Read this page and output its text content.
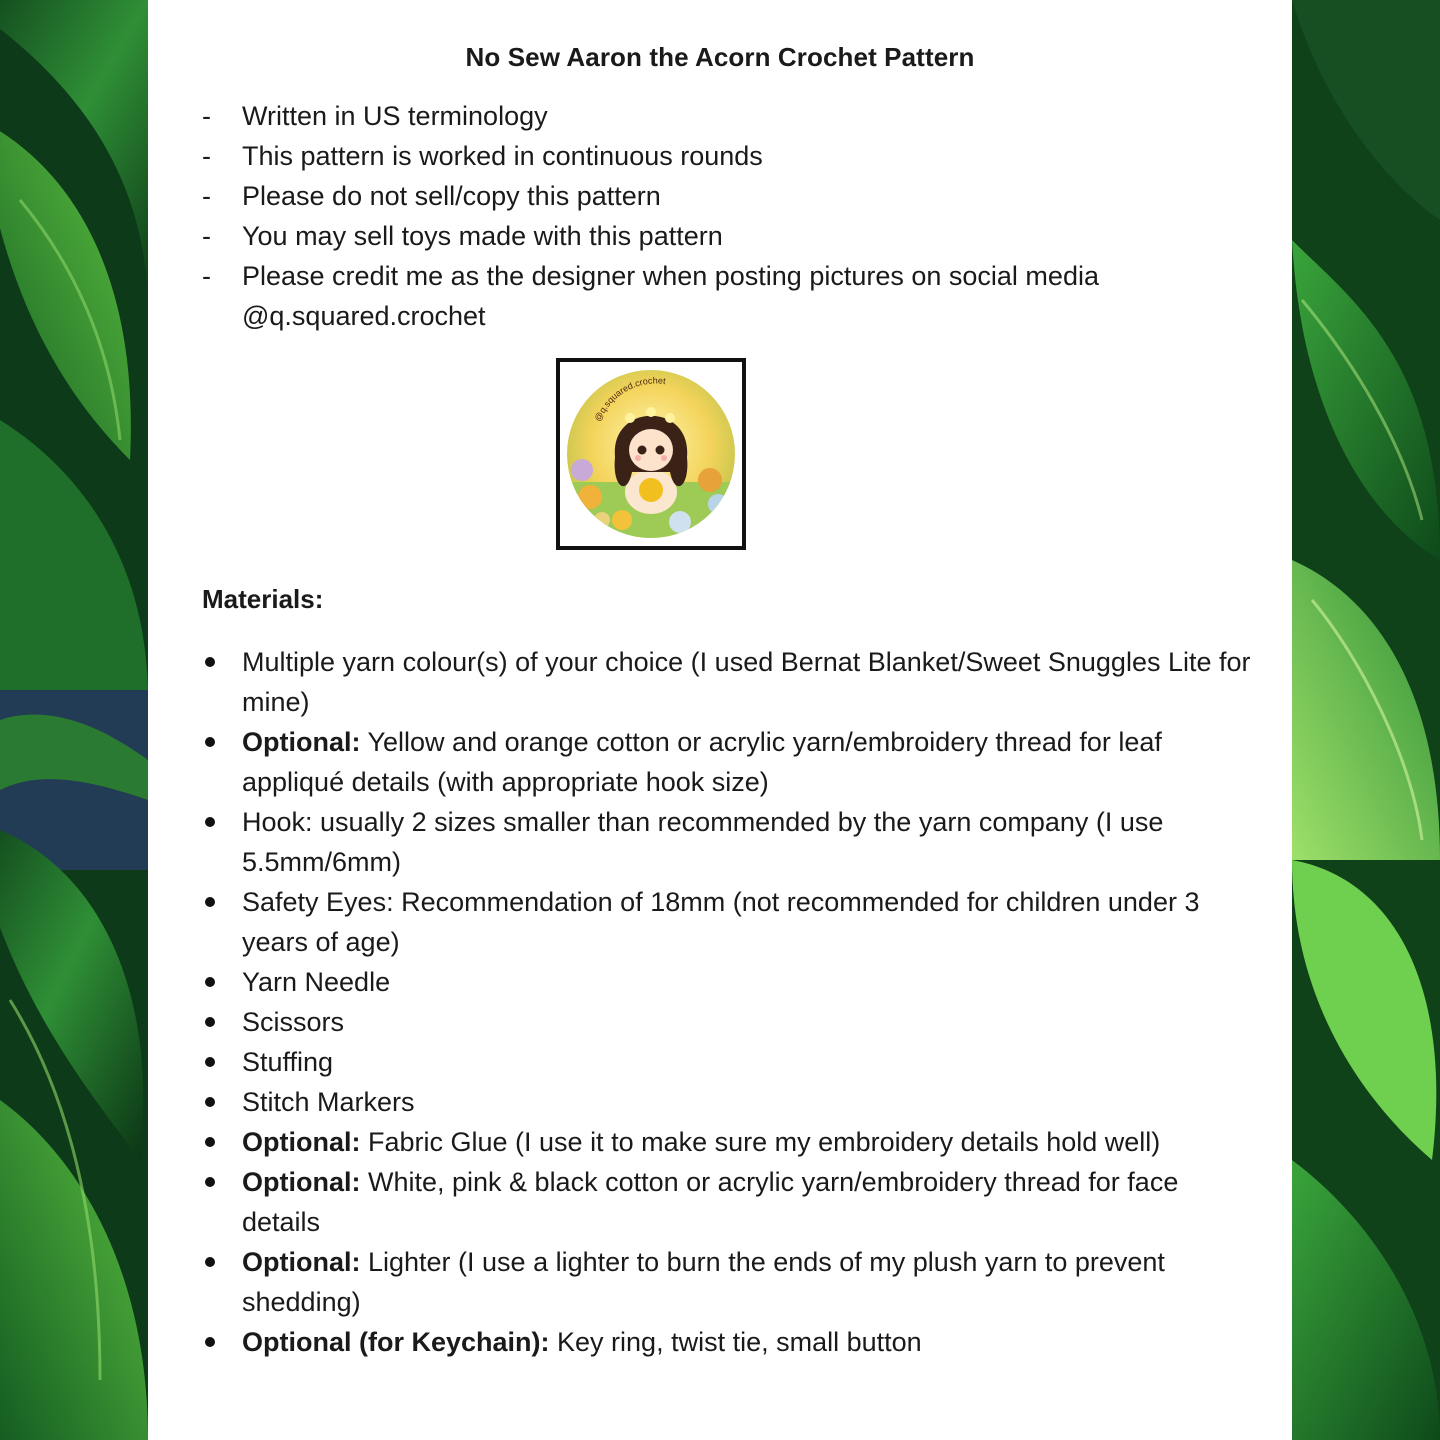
No Sew Aaron the Acorn Crochet Pattern
-	Written in US terminology
-	This pattern is worked in continuous rounds
-	Please do not sell/copy this pattern
-	You may sell toys made with this pattern
-	Please credit me as the designer when posting pictures on social media
@q.squared.crochet
@q.squared.crochet
Materials:
Multiple yarn colour(s) of your choice (I used Bernat Blanket/Sweet Snuggles Lite for mine)
Optional: Yellow and orange cotton or acrylic yarn/embroidery thread for leaf appliqué details (with appropriate hook size)
Hook: usually 2 sizes smaller than recommended by the yarn company (I use 5.5mm/6mm)
Safety Eyes: Recommendation of 18mm (not recommended for children under 3 years of age)
Yarn Needle
Scissors
Stuffing
Stitch Markers
Optional: Fabric Glue (I use it to make sure my embroidery details hold well)
Optional: White, pink & black cotton or acrylic yarn/embroidery thread for face details
Optional: Lighter (I use a lighter to burn the ends of my plush yarn to prevent shedding)
Optional (for Keychain): Key ring, twist tie, small button
